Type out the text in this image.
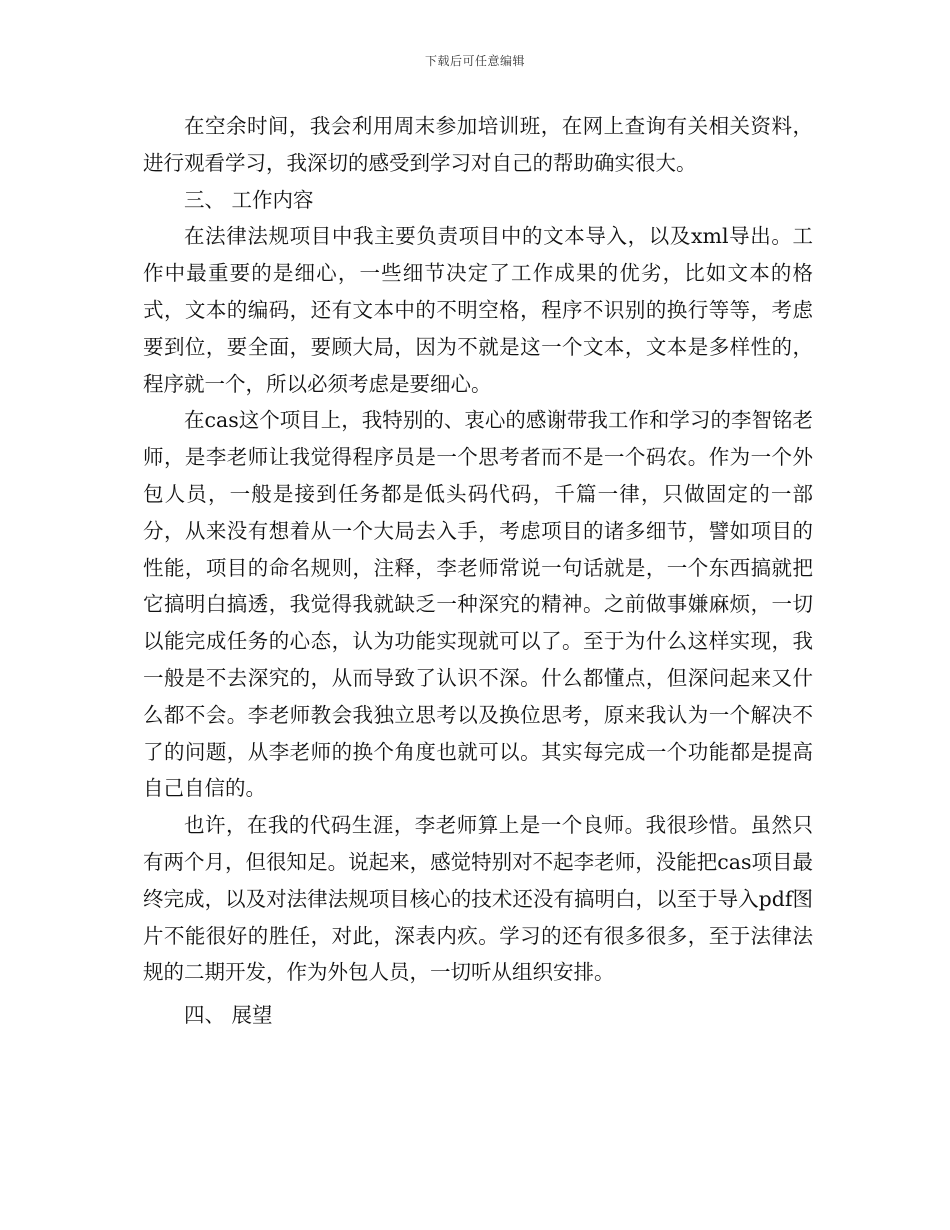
下载后可任意编辑

在空余时间，我会利用周末参加培训班，在网上查询有关相关资料，进行观看学习，我深切的感受到学习对自己的帮助确实很大。

三、 工作内容

在法律法规项目中我主要负责项目中的文本导入，以及xml导出。工作中最重要的是细心，一些细节决定了工作成果的优劣，比如文本的格式，文本的编码，还有文本中的不明空格，程序不识别的换行等等，考虑要到位，要全面，要顾大局，因为不就是这一个文本，文本是多样性的，程序就一个，所以必须考虑是要细心。

在cas这个项目上，我特别的、衷心的感谢带我工作和学习的李智铭老师，是李老师让我觉得程序员是一个思考者而不是一个码农。作为一个外包人员，一般是接到任务都是低头码代码，千篇一律，只做固定的一部分，从来没有想着从一个大局去入手，考虑项目的诸多细节，譬如项目的性能，项目的命名规则，注释，李老师常说一句话就是，一个东西搞就把它搞明白搞透，我觉得我就缺乏一种深究的精神。之前做事嫌麻烦，一切以能完成任务的心态，认为功能实现就可以了。至于为什么这样实现，我一般是不去深究的，从而导致了认识不深。什么都懂点，但深问起来又什么都不会。李老师教会我独立思考以及换位思考，原来我认为一个解决不了的问题，从李老师的换个角度也就可以。其实每完成一个功能都是提高自己自信的。

也许，在我的代码生涯，李老师算上是一个良师。我很珍惜。虽然只有两个月，但很知足。说起来，感觉特别对不起李老师，没能把cas项目最终完成，以及对法律法规项目核心的技术还没有搞明白，以至于导入pdf图片不能很好的胜任，对此，深表内疚。学习的还有很多很多，至于法律法规的二期开发，作为外包人员，一切听从组织安排。

四、 展望
